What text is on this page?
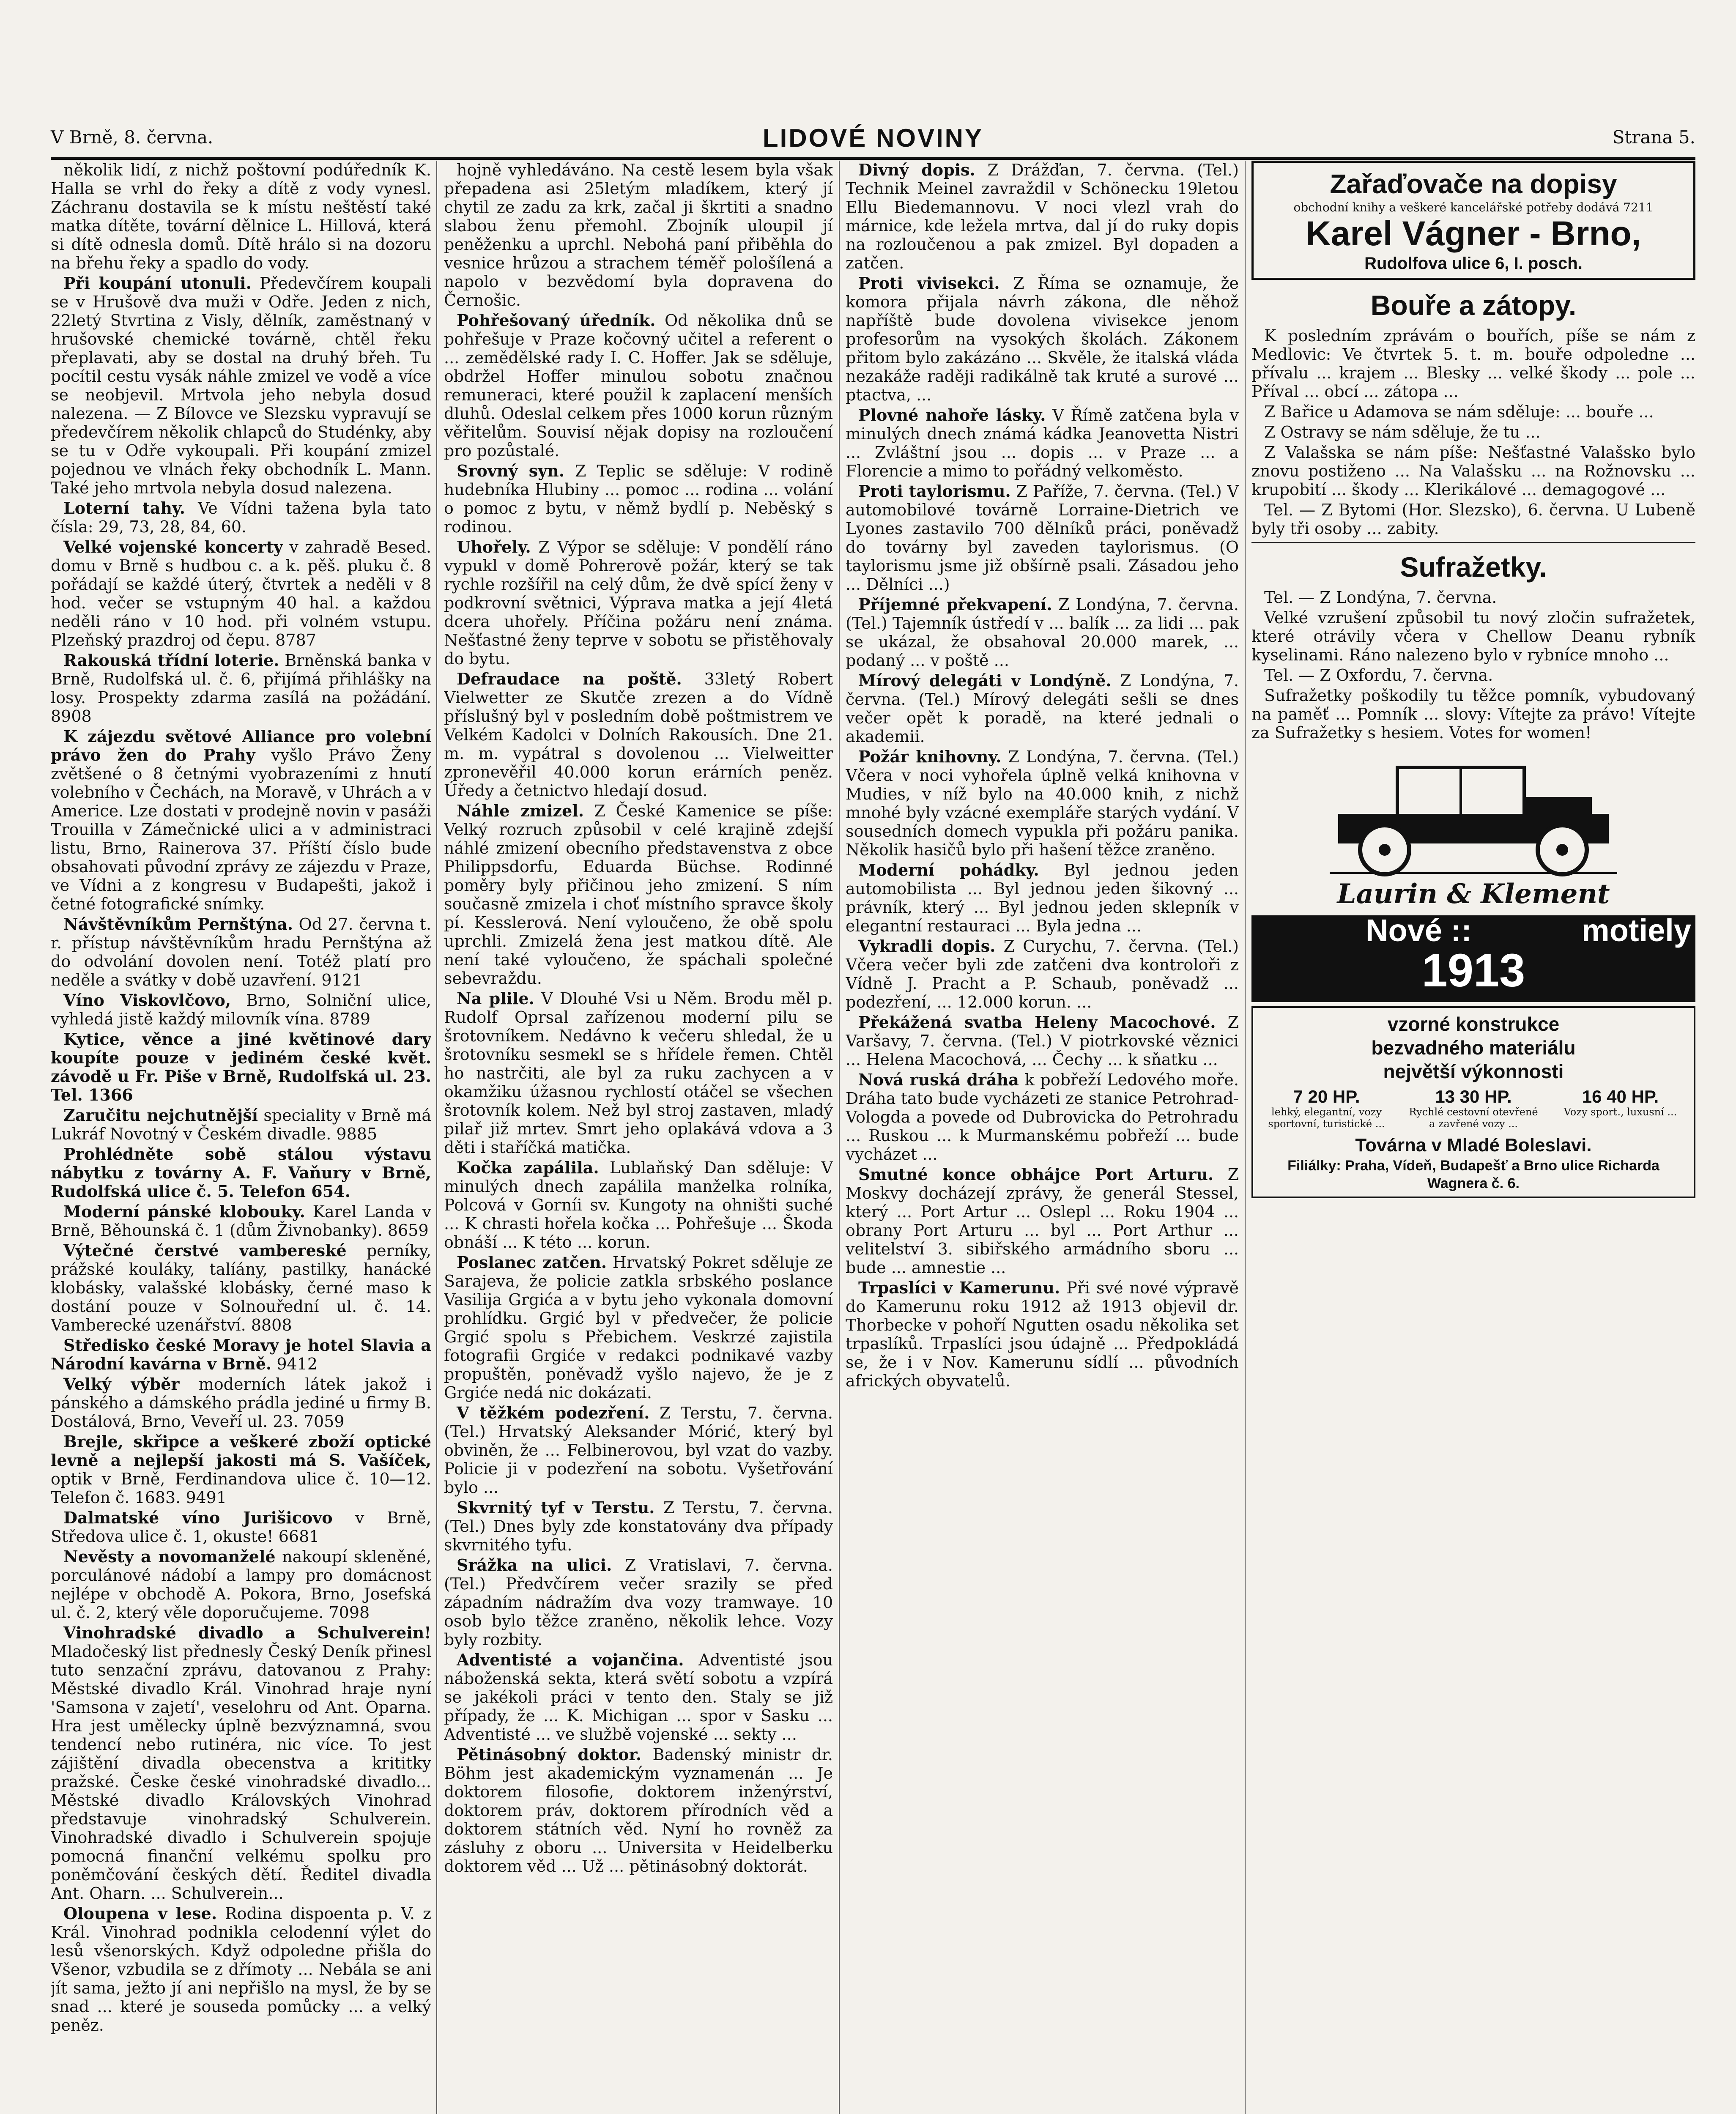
V Brně, 8. června.	LIDOVÉ NOVINY	Strana 5.

několik lidí, z nichž poštovní podúředník K. Halla se vrhl do řeky a dítě z vody vynesl. Záchranu dostavila se k místu neštěstí také matka dítěte, tovární dělnice L. Hillová, která si dítě odnesla domů. Dítě hrálo si na dozoru na břehu řeky a spadlo do vody.

Při koupání utonuli. Předevčírem koupali se v Hrušově dva muži v Odře. Jeden z nich, 22letý Stvrtina z Visly, dělník, zaměstnaný v hrušovské chemické továrně, chtěl řeku přeplavati, aby se dostal na druhý břeh. Tu pocítil cestu vysák náhle zmizel ve vodě a více se neobjevil. Mrtvola jeho nebyla dosud nalezena. — Z Bílovce ve Slezsku vypravují se předevčírem několik chlapců do Studénky, aby se tu v Odře vykoupali. Při koupání zmizel pojednou ve vlnách řeky obchodník L. Mann. Také jeho mrtvola nebyla dosud nalezena.

Loterní tahy. Ve Vídni tažena byla tato čísla: 29, 73, 28, 84, 60.

Velké vojenské koncerty v zahradě Besed. domu v Brně s hudbou c. a k. pěš. pluku č. 8 pořádají se každé úterý, čtvrtek a neděli v 8 hod. večer se vstupným 40 hal. a každou neděli ráno v 10 hod. při volném vstupu. Plzeňský prazdroj od čepu. 8787

Rakouská třídní loterie. Brněnská banka v Brně, Rudolfská ul. č. 6, přijímá přihlášky na losy. Prospekty zdarma zasílá na požádání. 8908

K zájezdu světové Alliance pro volební právo žen do Prahy vyšlo Právo Ženy zvětšené o 8 četnými vyobrazeními z hnutí volebního v Čechách, na Moravě, v Uhrách a v Americe. Lze dostati v prodejně novin v pasáži Trouilla v Zámečnické ulici a v administraci listu, Brno, Rainerova 37. Příští číslo bude obsahovati původní zprávy ze zájezdu v Praze, ve Vídni a z kongresu v Budapešti, jakož i četné fotografické snímky.

Návštěvníkům Pernštýna. Od 27. června t. r. přístup návštěvníkům hradu Pernštýna až do odvolání dovolen není. Totéž platí pro neděle a svátky v době uzavření. 9121

Víno Viskovlčovo, Brno, Solniční ulice, vyhledá jistě každý milovník vína. 8789

Kytice, věnce a jiné květinové dary koupíte pouze v jediném české květ. závodě u Fr. Piše v Brně, Rudolfská ul. 23. Tel. 1366

Zaručitu nejchutnější speciality v Brně má Lukráf Novotný v Českém divadle. 9885

Prohlédněte sobě stálou výstavu nábytku z továrny A. F. Vaňury v Brně, Rudolfská ulice č. 5. Telefon 654.

Moderní pánské klobouky. Karel Landa v Brně, Běhounská č. 1 (dům Živnobanky). 8659

Výtečné čerstvé vambereské perníky, prážské kouláky, talíány, pastilky, hanácké klobásky, valašské klobásky, černé maso k dostání pouze v Solnouřední ul. č. 14. Vamberecké uzenářství. 8808

Středisko české Moravy je hotel Slavia a Národní kavárna v Brně. 9412

Velký výběr moderních látek jakož i pánského a dámského prádla jediné u firmy B. Dostálová, Brno, Veveří ul. 23. 7059

Brejle, skřipce a veškeré zboží optické levně a nejlepší jakosti má S. Vašíček, optik v Brně, Ferdinandova ulice č. 10—12. Telefon č. 1683. 9491

Dalmatské víno Jurišicovo v Brně, Středova ulice č. 1, okuste! 6681

Nevěsty a novomanželé nakoupí skleněné, porculánové nádobí a lampy pro domácnost nejlépe v obchodě A. Pokora, Brno, Josefská ul. č. 2, který věle doporučujeme. 7098

Vinohradské divadlo a Schulverein! Mladočeský list přednesly Český Deník přinesl tuto senzační zprávu, datovanou z Prahy: Městské divadlo Král. Vinohrad hraje nyní 'Samsona v zajetí', veselohru od Ant. Oparna. Hra jest umělecky úplně bezvýznamná, svou tendencí nebo rutinéra, nic více. To jest zájištění divadla obecenstva a krititky pražské. Česke české vinohradské divadlo... Městské divadlo Královských Vinohrad představuje vinohradský Schulverein. Vinohradské divadlo i Schulverein spojuje pomocná finanční velkému spolku pro poněmčování českých dětí. Ředitel divadla Ant. Oharn. ... Schulverein...

Oloupena v lese. Rodina dispoenta p. V. z Král. Vinohrad podnikla celodenní výlet do lesů všenorských. Když odpoledne přišla do Všenor, vzbudila se z dřímoty ... Nebála se ani jít sama, ježto jí ani nepřišlo na mysl, že by se snad ... které je souseda pomůcky ... a velký peněz.

hojně vyhledáváno. Na cestě lesem byla však přepadena asi 25letým mladíkem, který jí chytil ze zadu za krk, začal ji škrtiti a snadno slabou ženu přemohl. Zbojník uloupil jí peněženku a uprchl. Nebohá paní přiběhla do vesnice hrůzou a strachem téměř pološílená a napolo v bezvědomí byla dopravena do Černošic.

Pohřešovaný úředník. Od několika dnů se pohřešuje v Praze kočovný učitel a referent o ... zemědělské rady I. C. Hoffer. Jak se sděluje, obdržel Hoffer minulou sobotu značnou remuneraci, které použil k zaplacení menších dluhů. Odeslal celkem přes 1000 korun různým věřitelům. Souvisí nějak dopisy na rozloučení pro pozůstalé.

Srovný syn. Z Teplic se sděluje: V rodině hudebníka Hlubiny ... pomoc ... rodina ... volání o pomoc z bytu, v němž bydlí p. Neběský s rodinou.

Uhořely. Z Výpor se sděluje: V pondělí ráno vypukl v domě Pohrerově požár, který se tak rychle rozšířil na celý dům, že dvě spící ženy v podkrovní světnici, Výprava matka a její 4letá dcera uhořely. Příčina požáru není známa. Nešťastné ženy teprve v sobotu se přistěhovaly do bytu.

Defraudace na poště. 33letý Robert Vielwetter ze Skutče zrezen a do Vídně příslušný byl v posledním době poštmistrem ve Velkém Kadolci v Dolních Rakousích. Dne 21. m. m. vypátral s dovolenou ... Vielweitter zpronevěřil 40.000 korun erárních peněz. Úředy a četnictvo hledají dosud.

Náhle zmizel. Z České Kamenice se píše: Velký rozruch způsobil v celé krajině zdejší náhlé zmizení obecního představenstva z obce Philippsdorfu, Eduarda Büchse. Rodinné poměry byly přičinou jeho zmizení. S ním současně zmizela i choť místního spravce školy pí. Kesslerová. Není vyloučeno, že obě spolu uprchli. Zmizelá žena jest matkou dítě. Ale není také vyloučeno, že spáchali společné sebevraždu.

Na plile. V Dlouhé Vsi u Něm. Brodu měl p. Rudolf Oprsal zařízenou moderní pilu se šrotovníkem. Nedávno k večeru shledal, že u šrotovníku sesmekl se s hřídele řemen. Chtěl ho nastrčiti, ale byl za ruku zachycen a v okamžiku úžasnou rychlostí otáčel se všechen šrotovník kolem. Než byl stroj zastaven, mladý pilař již mrtev. Smrt jeho oplakává vdova a 3 děti i staříčká matička.

Kočka zapálila. Lublaňský Dan sděluje: V minulých dnech zapálila manželka rolníka, Polcová v Gorníi sv. Kungoty na ohništi suché ... K chrasti hořela kočka ... Pohřešuje ... Škoda obnáší ... K této ... korun.

Poslanec zatčen. Hrvatský Pokret sděluje ze Sarajeva, že policie zatkla srbského poslance Vasilija Grgića a v bytu jeho vykonala domovní prohlídku. Grgić byl v předvečer, že policie Grgić spolu s Přebichem. Veskrzé zajistila fotografii Grgiće v redakci podnikavé vazby propuštěn, poněvadž vyšlo najevo, že je z Grgiće nedá nic dokázati.

V těžkém podezření. Z Terstu, 7. června. (Tel.) Hrvatský Aleksander Mórić, který byl obviněn, že ... Felbinerovou, byl vzat do vazby. Policie ji v podezření na sobotu. Vyšetřování bylo ...

Skvrnitý tyf v Terstu. Z Terstu, 7. června. (Tel.) Dnes byly zde konstatovány dva případy skvrnitého tyfu.

Srážka na ulici. Z Vratislavi, 7. června. (Tel.) Předvčírem večer srazily se před západním nádražím dva vozy tramwaye. 10 osob bylo těžce zraněno, několik lehce. Vozy byly rozbity.

Adventisté a vojančina. Adventisté jsou náboženská sekta, která světí sobotu a vzpírá se jakékoli práci v tento den. Staly se již případy, že ... K. Michigan ... spor v Sasku ... Adventisté ... ve službě vojenské ... sekty ...

Pětinásobný doktor. Badenský ministr dr. Böhm jest akademickým vyznamenán ... Je doktorem filosofie, doktorem inženýrství, doktorem práv, doktorem přírodních věd a doktorem státních věd. Nyní ho rovněž za zásluhy z oboru ... Universita v Heidelberku doktorem věd ... Už ... pětinásobný doktorát.

Divný dopis. Z Drážďan, 7. června. (Tel.) Technik Meinel zavraždil v Schönecku 19letou Ellu Biedemannovu. V noci vlezl vrah do márnice, kde ležela mrtva, dal jí do ruky dopis na rozloučenou a pak zmizel. Byl dopaden a zatčen.

Proti vivisekci. Z Říma se oznamuje, že komora přijala návrh zákona, dle něhož napříště bude dovolena vivisekce jenom profesorům na vysokých školách. Zákonem přitom bylo zakázáno ... Skvěle, že italská vláda nezakáže raději radikálně tak kruté a surové ... ptactva, ...

Plovné nahoře lásky. V Římě zatčena byla v minulých dnech známá kádka Jeanovetta Nistri ... Zvláštní jsou ... dopis ... v Praze ... a Florencie a mimo to pořádný velkoměsto.

Proti taylorismu. Z Paříže, 7. června. (Tel.) V automobilové továrně Lorraine-Dietrich ve Lyones zastavilo 700 dělníků práci, poněvadž do továrny byl zaveden taylorismus. (O taylorismu jsme již obšírně psali. Zásadou jeho ... Dělníci ...)

Příjemné překvapení. Z Londýna, 7. června. (Tel.) Tajemník ústředí v ... balík ... za lidi ... pak se ukázal, že obsahoval 20.000 marek, ... podaný ... v poště ...

Mírový delegáti v Londýně. Z Londýna, 7. června. (Tel.) Mírový delegáti sešli se dnes večer opět k poradě, na které jednali o akademii.

Požár knihovny. Z Londýna, 7. června. (Tel.) Včera v noci vyhořela úplně velká knihovna v Mudies, v níž bylo na 40.000 knih, z nichž mnohé byly vzácné exempláře starých vydání. V sousedních domech vypukla při požáru panika. Několik hasičů bylo při hašení těžce zraněno.

Moderní pohádky. Byl jednou jeden automobilista ... Byl jednou jeden šikovný ... právník, který ... Byl jednou jeden sklepník v elegantní restauraci ... Byla jedna ...

Vykradli dopis. Z Curychu, 7. června. (Tel.) Včera večer byli zde zatčeni dva kontroloři z Vídně J. Pracht a P. Schaub, poněvadž ... podezření, ... 12.000 korun. ...

Překážená svatba Heleny Macochové. Z Varšavy, 7. června. (Tel.) V piotrkovské věznici ... Helena Macochová, ... Čechy ... k sňatku ...

Nová ruská dráha k pobřeží Ledového moře. Dráha tato bude vycházeti ze stanice Petrohrad-Vologda a povede od Dubrovicka do Petrohradu ... Ruskou ... k Murmanskému pobřeží ... bude vycházet ...

Smutné konce obhájce Port Arturu. Z Moskvy docházejí zprávy, že generál Stessel, který ... Port Artur ... Oslepl ... Roku 1904 ... obrany Port Arturu ... byl ... Port Arthur ... velitelství 3. sibiřského armádního sboru ... bude ... amnestie ...

Trpaslíci v Kamerunu. Při své nové výpravě do Kamerunu roku 1912 až 1913 objevil dr. Thorbecke v pohoří Ngutten osadu několika set trpaslíků. Trpaslíci jsou údajně ... Předpokládá se, že i v Nov. Kamerunu sídlí ... původních afrických obyvatelů.

Zařaďovače na dopisy
obchodní knihy a veškeré kancelářské potřeby dodává 7211
Karel Vágner - Brno,
Rudolfova ulice 6, I. posch.
Bouře a zátopy.

K posledním zprávám o bouřích, píše se nám z Medlovic: Ve čtvrtek 5. t. m. bouře odpoledne ... přívalu ... krajem ... Blesky ... velké škody ... pole ... Příval ... obcí ... zátopa ...

Z Bařice u Adamova se nám sděluje: ... bouře ...

Z Ostravy se nám sděluje, že tu ...

Z Valašska se nám píše: Nešťastné Valašsko bylo znovu postiženo ... Na Valašsku ... na Rožnovsku ... krupobití ... škody ... Klerikálové ... demagogové ...

Tel. — Z Bytomi (Hor. Slezsko), 6. června. U Lubeně byly tři osoby ... zabity.

Sufražetky.

Tel. — Z Londýna, 7. června.

Velké vzrušení způsobil tu nový zločin sufražetek, které otrávily včera v Chellow Deanu rybník kyselinami. Ráno nalezeno bylo v rybníce mnoho ...

Tel. — Z Oxfordu, 7. června.

Sufražetky poškodily tu těžce pomník, vybudovaný na paměť ... Pomník ... slovy: Vítejte za právo! Vítejte za Sufražetky s hesiem. Votes for women!

Laurin & Klement
Nové ::	motiely
1913
vzorné konstrukce
bezvadného materiálu
největší výkonnosti
7 20 HP.
lehký, elegantní, vozy sportovní, turistické ...
13 30 HP.
Rychlé cestovní otevřené a zavřené vozy ...
16 40 HP.
Vozy sport., luxusní ...
Továrna v Mladé Boleslavi.
Filiálky: Praha, Vídeň, Budapešť a Brno ulice Richarda Wagnera č. 6.
